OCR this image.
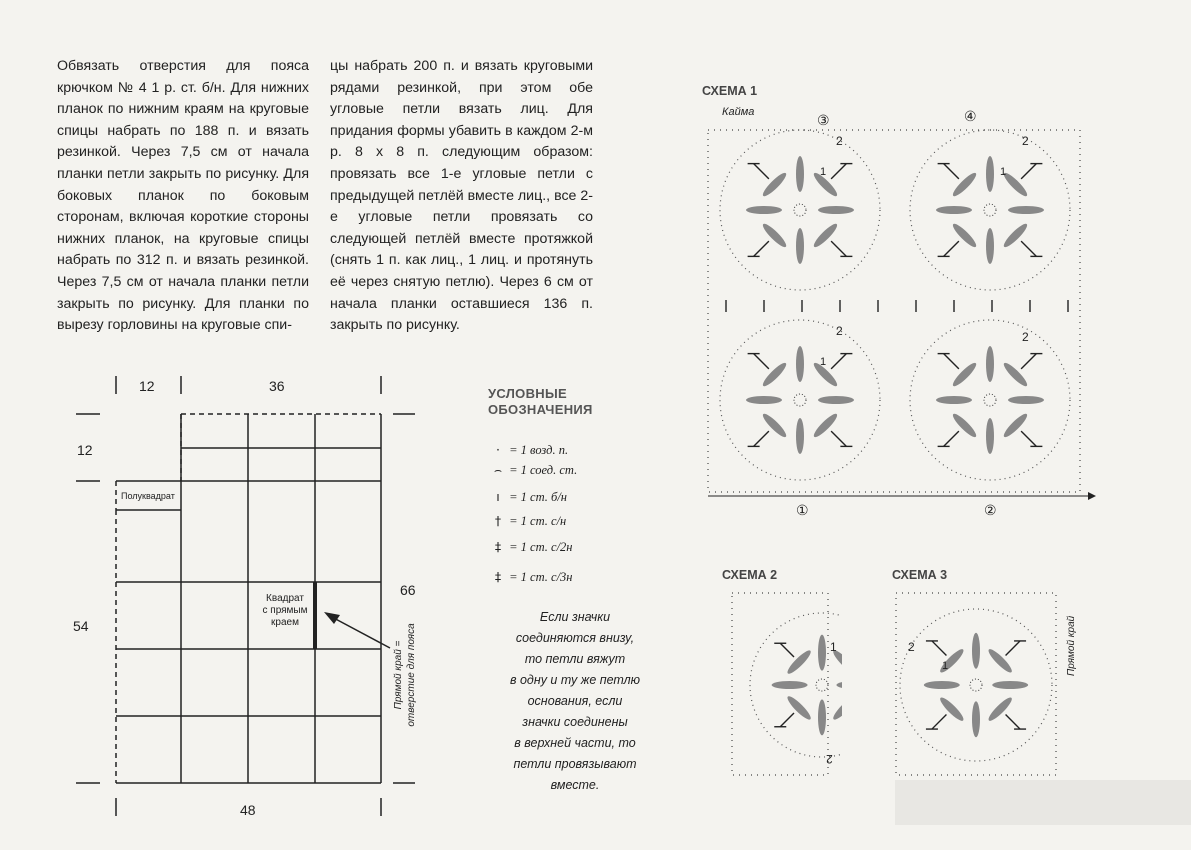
Обвязать отверстия для пояса крючком № 4 1 р. ст. б/н. Для нижних планок по нижним краям на круговые спицы набрать по 188 п. и вязать резинкой. Через 7,5 см от начала планки петли закрыть по рисунку. Для боковых планок по боковым сторонам, включая короткие стороны нижних планок, на круговые спицы набрать по 312 п. и вязать резинкой. Через 7,5 см от начала планки петли закрыть по рисунку. Для планки по вырезу горловины на круговые спи-

цы набрать 200 п. и вязать круговыми рядами резинкой, при этом обе угловые петли вязать лиц. Для придания формы убавить в каждом 2-м р. 8 х 8 п. следующим образом: провязать все 1-е угловые петли с предыдущей петлёй вместе лиц., все 2-е угловые петли провязать со следующей петлёй вместе протяжкой (снять 1 п. как лиц., 1 лиц. и протянуть её через снятую петлю). Через 6 см от начала планки оставшиеся 136 п. закрыть по рисунку.

12	36
12
54
66
48
Полуквадрат
Квадрат
с прямым
краем
Прямой край = отверстие для пояса
УСЛОВНЫЕ
ОБОЗНАЧЕНИЯ
· = 1 возд. п.
⌢ = 1 соед. ст.
ı = 1 ст. б/н
† = 1 ст. с/н
‡ = 1 ст. с/2н
‡ = 1 ст. с/3н
Если значки
соединяются внизу,
то петли вяжут
в одну и ту же петлю
основания, если
значки соединены
в верхней части, то
петли провязывают
вместе.
СХЕМА 1
Кайма
СХЕМА 2	СХЕМА 3
③	④
①	②
2
1
2
1
2	2
1
1
2
2
1	Прямой край
